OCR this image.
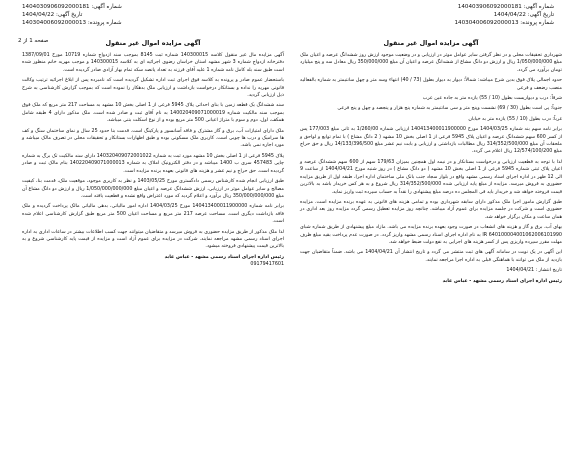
شماره آگهی: 1404030906092000181
تاریخ آگهی: 1404/04/22
شماره پرونده: 140304006092000013
شماره آگهی: 140403906092000181
تاریخ آگهی: 1404/04/22
شماره پرونده: 140304006092000013
صفحه 1 از 2	آگهی مزایده اموال غیر منقول
شهرداری تحقیقات محلی و در نظر گرفتن سایر عوامل موثر در ارزیابی و در وضعیت موجود ارزش روز ششدانگ عرصه و اعیان ملک مبلغ 1/050/000/000 ریال و ارزش دو دانگ مشاع از ششدانگ عرصه و اعیان آن مبلغ 350/000/000 ریال معادل سه و پنج میلیارد تومان برآورد می گردد.
حدود اجمالی پلاک فوق بدین شرح میباشد: شمالاً: دیوار به دیوار بطول (73 / 40) انتهاء وسه متر و چهل سانتیمتر به شماره بالفعالیه منصب رضعف و فرعی
شرقاً: درب و دیواریست بطول (10 / 55) یازده متر به جاده عین عرب
جنوباً: پی است بطول (30 / 69) نشست وپنج متر و سی سانتیمتر به شماره پنج هزار و پنجصد و چهل و پنج فرعی
غرباً: درب بطول (10 / 55) یازده متر به خیابان
برابر نامه سهم بند شماره 1404/03/25 مورخ 140413400011900000 ارزیابی شماره 1/260/00 به ثانی مبلغ 177/003 پس از کسر 600 سهم ششدانگ عرصه و اعیان پلاک 5945 فرعی از 1 اصلی بخش 10 مشهد ( 2 دانگ مشاع ) با تمام توابع و لواحق و ملحقات آن مبلغ 314/352/500/000 ریال مطالبات بازداشتی و ارزیابی و بابت نیم عشر مبلغ 14/133/396/500 ریال و حق حراج مبلغ 12/574/100/200 ریال اعلام می گردد.
لذا با توجه به قطعیت ارزیابی و درخواست بستانکار و در نیمه اول همچنین بمیزان 179/63 سهم از 600 سهم ششدانگ عرصه و اعیان پلاک ثبتی شماره 5945 فرعی از 1 اصلی بخش 10 مشهد ( دو دانگ مشاع ) در روز شنبه مورخ 1404/04/21 از ساعت 9 الی 12 ظهر در اداره اجرای اسناد رسمی مشهد واقع در بلوار سجاد جنب بانک ملی ساختمان اداره اجرا، طبقه اول از طریق مزایده حضوری به فروش میرسد. مزایده از مبلغ پایه ارزیابی شده 314/352/500/000 ریال شروع و به هر کس خریدار باشد به بالاترین قیمت فروخته خواهد شد و خریدار باید فی المجلس ده درصد مبلغ پیشنهادی را نقداً به حساب سپرده ثبت واریز نماید.
طبق گزارش مامور اجرا ملک مذکور دارای سابقه شهرداری بوده و تمامی هزینه های قانونی به عهده برنده مزایده است. مزایده حضوری است و شرکت در جلسه مزایده برای عموم آزاد میباشد. چنانچه روز مزایده تعطیل رسمی گردد مزایده روز بعد اداری در همان ساعت و مکان برگزار خواهد شد.
بهای آب، برق و گاز و هزینه های انشعاب در صورت وجود بعهده برنده مزایده می باشد. مازاد مبلغ پیشنهادی از طریق شماره شبای IR 640100004001062006101990 به نام اداره اجرای اسناد رسمی مشهد واریز گردد. در صورت عدم پرداخت بقیه مبلغ ظرف مهلت مقرر سپرده واریزی پس از کسر هزینه های اجرایی به نفع دولت ضبط خواهد شد.
این آگهی در یک نوبت در سامانه آگهی های ثبت منتشر می گردد و تاریخ انتشار آن 1404/04/21 می باشد. ضمناً متقاضیان جهت بازدید از ملک می توانند با هماهنگی قبلی به اداره اجرا مراجعه نمایند.
تاریخ انتشار : 1404/04/21
رئیس اداره اجرای اسناد رسمی مشهد - عباس عابد
آگهی مزایده اموال غیر منقول
آگهی مزایده مال غیر منقول کلاسه 140300015 شماره ثبت 8145 بموجب سند ازدواج شماره 10719 مورخ 1387/09/01 دفترخانه ازدواج شماره 3 شهر مشهد استان خراسان رضوی اجرائیه ای به کلاسه 140300015 و موجب مهریه خانم منظور شده است طبق سند بله کامل نامه شماره 1 علیه آقای فرزند به تعداد پانصد سکه تمام بهار آزادی صادر گردیده است.
باستحضار عموم صادر و پرونده به کلاسه فوق اجرای ثبت اداره تشکیل گردیده است که نامبرده پس از ابلاغ اجرائیه ترتیب وکالت قانونی مهریه را نداده و بستانکار درخواست بازداشت و ارزیابی ملک بدهکار را نموده است که بموجب گزارش کارشناسی به شرح ذیل ارزیابی گردید.
سند ششدانگ یک قطعه زمین با بنای احداثی پلاک 5945 فرعی از 1 اصلی بخش 10 مشهد به مساحت 217 متر مربع که ملک فوق بموجب سند مالکیت شماره 140020409071000019 به نام آقای ثبت و صادر شده است. ملک مذکور دارای 4 طبقه شامل همکف، اول، دوم و سوم با متراژ اعیانی 500 متر مربع بوده و از نوع اسکلت بتنی میباشد.
ملک دارای امتیازات آب، برق و گاز مشترک و فاقد آسانسور و پارکینگ است. قدمت بنا حدود 25 سال و نمای ساختمان سنگ و کف ها سرامیک و درب ها چوبی است. کاربری ملک مسکونی بوده و طبق اظهارات بستانکار و تحقیقات محلی در تصرف مالک میباشد و مورد اجاره نمی باشد.
پلاک 5945 فرعی از 1 اصلی بخش 10 مشهد مورد ثبت به شماره 140320409072001022 دارای سند مالکیت تک برگ به شماره چاپی 457483 سری ب 1400 میباشد و در دفتر الکترونیک املاک به شماره 140220409071000013 بنام مالک ثبت و صادر گردیده است. حق حراج و نیم عشر و هزینه های قانونی بعهده برنده مزایده است.
طبق ارزیابی انجام شده کارشناس رسمی دادگستری مورخ 1403/05/25 و نظر به کاربری موجود، موقعیت ملک، قدمت بنا، کیفیت مصالح و سایر عوامل موثر در ارزیابی، ارزش ششدانگ عرصه و اعیان مبلغ 1/050/000/000/000 ریال و ارزش دو دانگ مشاع آن مبلغ 350/000/000/000 ریال برآورد و اعلام گردید که مورد اعتراض واقع نشده و قطعیت یافته است.
برابر نامه شماره 140413400011900000 مورخ 1404/03/25 اداره امور مالیاتی، بدهی مالیاتی مالک پرداخت گردیده و ملک فاقد بازداشت دیگری است. مساحت عرصه 217 متر مربع و مساحت اعیان 500 متر مربع طبق گزارش کارشناسی اعلام شده است.
لذا ملک مذکور از طریق مزایده حضوری به فروش میرسد و متقاضیان میتوانند جهت کسب اطلاعات بیشتر در ساعات اداری به اداره اجرای اسناد رسمی مشهد مراجعه نمایند. شرکت در مزایده برای عموم آزاد است و مزایده از قیمت پایه کارشناسی شروع و به بالاترین قیمت پیشنهادی فروخته میشود.
رئیس اداره اجرای اسناد رسمی مشهد - عباس عابد
09179417601
